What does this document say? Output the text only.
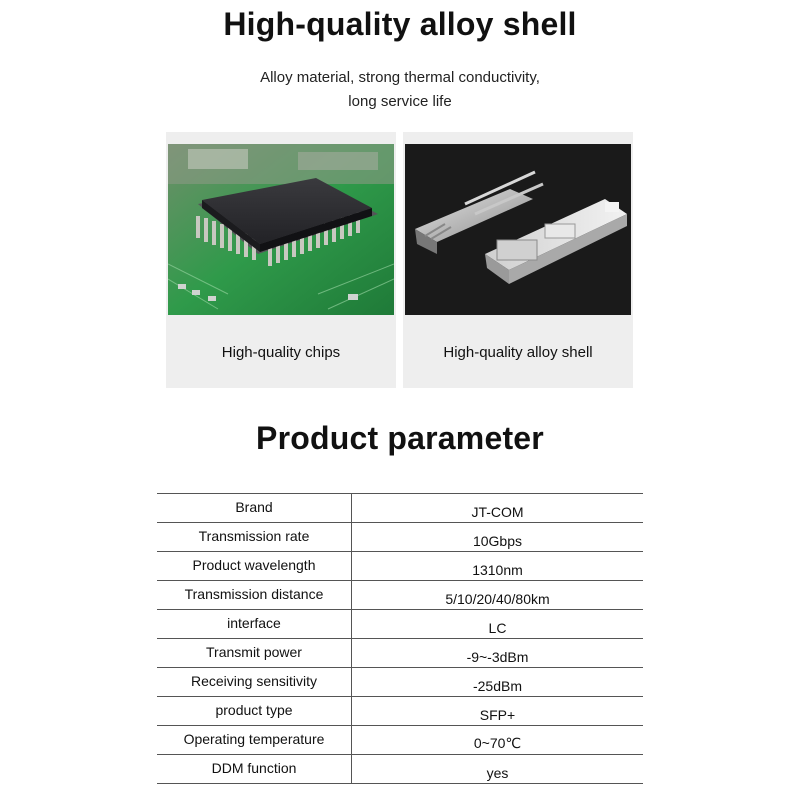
High-quality alloy shell
Alloy material, strong thermal conductivity,
long service life
High-quality chips	High-quality alloy shell
Product parameter
Brand	JT-COM
Transmission rate	10Gbps
Product wavelength	1310nm
Transmission distance	5/10/20/40/80km
interface	LC
Transmit power	-9~-3dBm
Receiving sensitivity	-25dBm
product type	SFP+
Operating temperature	0~70℃
DDM function	yes
